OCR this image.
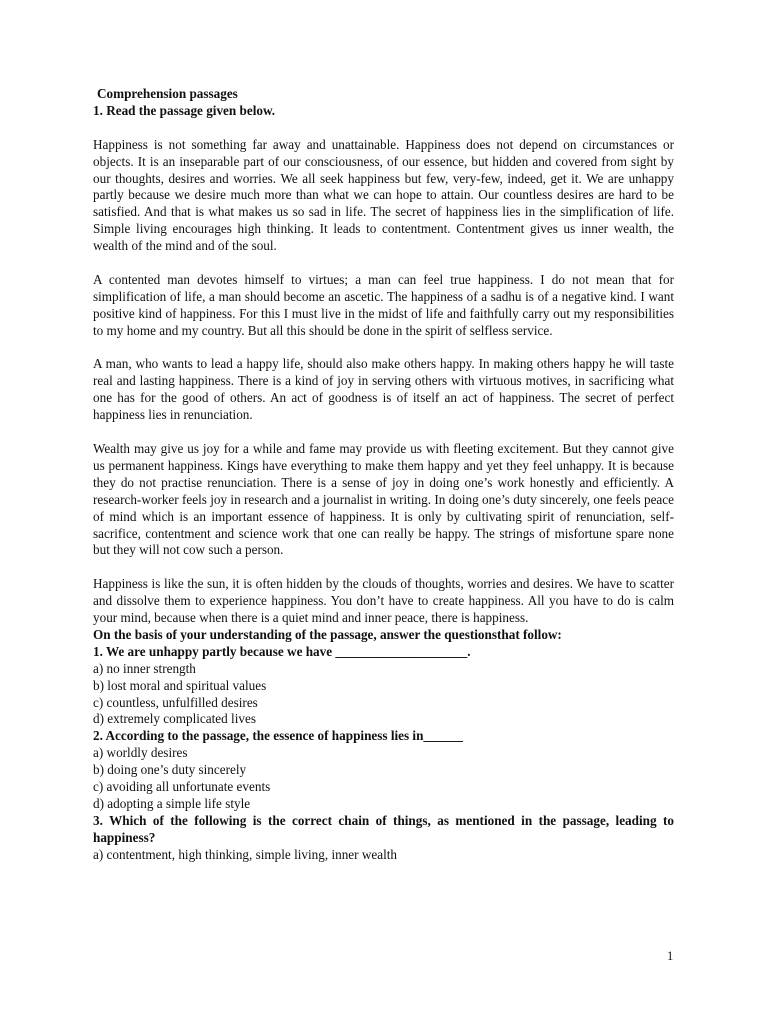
Comprehension passages

1. Read the passage given below.

Happiness is not something far away and unattainable. Happiness does not depend on circumstances or objects. It is an inseparable part of our consciousness, of our essence, but hidden and covered from sight by our thoughts, desires and worries. We all seek happiness but few, very-few, indeed, get it. We are unhappy partly because we desire much more than what we can hope to attain. Our countless desires are hard to be satisfied. And that is what makes us so sad in life. The secret of happiness lies in the simplification of life. Simple living encourages high thinking. It leads to contentment. Contentment gives us inner wealth, the wealth of the mind and of the soul.

A contented man devotes himself to virtues; a man can feel true happiness. I do not mean that for simplification of life, a man should become an ascetic. The happiness of a sadhu is of a negative kind. I want positive kind of happiness. For this I must live in the midst of life and faithfully carry out my responsibilities to my home and my country. But all this should be done in the spirit of selfless service.

A man, who wants to lead a happy life, should also make others happy. In making others happy he will taste real and lasting happiness. There is a kind of joy in serving others with virtuous motives, in sacrificing what one has for the good of others. An act of goodness is of itself an act of happiness. The secret of perfect happiness lies in renunciation.

Wealth may give us joy for a while and fame may provide us with fleeting excitement. But they cannot give us permanent happiness. Kings have everything to make them happy and yet they feel unhappy. It is because they do not practise renunciation. There is a sense of joy in doing one’s work honestly and efficiently. A research-worker feels joy in research and a journalist in writing. In doing one’s duty sincerely, one feels peace of mind which is an important essence of happiness. It is only by cultivating spirit of renunciation, self-sacrifice, contentment and science work that one can really be happy. The strings of misfortune spare none but they will not cow such a person.

Happiness is like the sun, it is often hidden by the clouds of thoughts, worries and desires. We have to scatter and dissolve them to experience happiness. You don’t have to create happiness. All you have to do is calm your mind, because when there is a quiet mind and inner peace, there is happiness.

On the basis of your understanding of the passage, answer the questionsthat follow:

1. We are unhappy partly because we have ____________________.

a) no inner strength
b) lost moral and spiritual values
c) countless, unfulfilled desires
d) extremely complicated lives

2. According to the passage, the essence of happiness lies in______

a) worldly desires
b) doing one’s duty sincerely
c) avoiding all unfortunate events
d) adopting a simple life style

3. Which of the following is the correct chain of things, as mentioned in the passage, leading to happiness?

a) contentment, high thinking, simple living, inner wealth
1
